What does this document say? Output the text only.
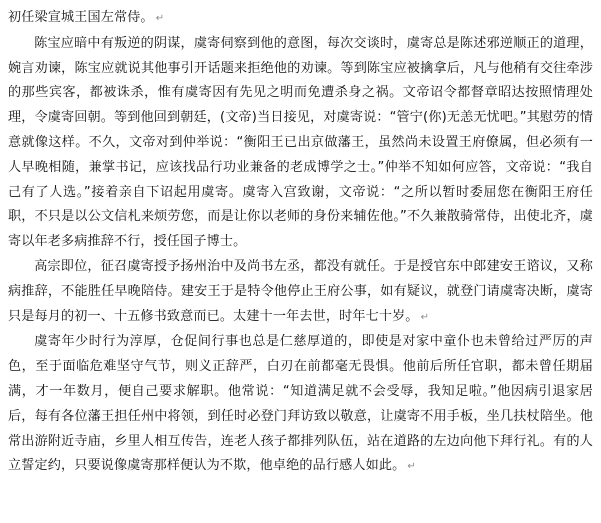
初任梁宣城王国左常侍。 ↵

陈宝应暗中有叛逆的阴谋，虞寄伺察到他的意图，每次交谈时，虞寄总是陈述邪逆顺正的道理，婉言劝谏，陈宝应就说其他事引开话题来拒绝他的劝谏。等到陈宝应被擒拿后，凡与他稍有交往牵涉的那些宾客，都被诛杀，惟有虞寄因有先见之明而免遭杀身之祸。文帝诏令都督章昭达按照情理处理，令虞寄回朝。等到他回到朝廷，(文帝)当日接见，对虞寄说：“管宁(你)无恙无忧吧。”其慰劳的情意就像这样。不久，文帝对到仲举说：“衡阳王已出京做藩王，虽然尚未设置王府僚属，但必须有一人早晚相随，兼掌书记，应该找品行功业兼备的老成博学之士。”仲举不知如何应答，文帝说：“我自己有了人选。”接着亲自下诏起用虞寄。虞寄入宫致谢，文帝说：“之所以暂时委屈您在衡阳王府任职，不只是以公文信札来烦劳您，而是让你以老师的身份来辅佐他。”不久兼散骑常侍，出使北齐，虞寄以年老多病推辞不行，授任国子博士。

高宗即位，征召虞寄授予扬州治中及尚书左丞，都没有就任。于是授官东中郎建安王谘议，又称病推辞，不能胜任早晚陪侍。建安王于是特令他停止王府公事，如有疑议，就登门请虞寄决断，虞寄只是每月的初一、十五修书致意而已。太建十一年去世，时年七十岁。 ↵

虞寄年少时行为淳厚，仓促间行事也总是仁慈厚道的，即使是对家中童仆也未曾给过严厉的声色，至于面临危难坚守气节，则义正辞严，白刃在前都毫无畏惧。他前后所任官职，都未曾任期届满，才一年数月，便自己要求解职。他常说：“知道满足就不会受辱，我知足啦。”他因病引退家居后，每有各位藩王担任州中将领，到任时必登门拜访致以敬意，让虞寄不用手板，坐几扶杖陪坐。他常出游附近寺庙，乡里人相互传告，连老人孩子都排列队伍，站在道路的左边向他下拜行礼。有的人立誓定约，只要说像虞寄那样便认为不欺，他卓绝的品行感人如此。 ↵
